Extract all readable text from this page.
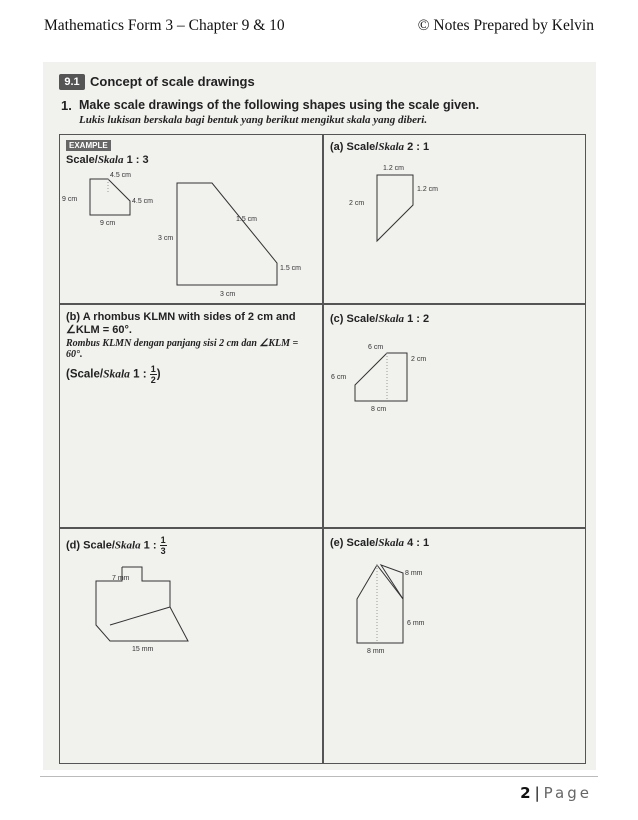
Mathematics Form 3 – Chapter 9 & 10	© Notes Prepared by Kelvin
9.1 Concept of scale drawings
1. Make scale drawings of the following shapes using the scale given.
Lukis lukisan berskala bagi bentuk yang berikut mengikut skala yang diberi.
EXAMPLE
Scale/Skala 1 : 3
4.5 cm
9 cm	4.5 cm
9 cm
3 cm
1.5 cm
1.5 cm
3 cm
(a) Scale/Skala 2 : 1
1.2 cm
1.2 cm
2 cm
(b) A rhombus KLMN with sides of 2 cm and ∠KLM = 60°.
Rombus KLMN dengan panjang sisi 2 cm dan ∠KLM = 60°.
(Scale/Skala 1 : $\frac{1}{2}$ )
(c) Scale/Skala 1 : 2
6 cm
2 cm
6 cm
8 cm
(d) Scale/Skala 1 : $\frac{1}{3}$
7 mm
15 mm
(e) Scale/Skala 4 : 1
8 mm
6 mm
8 mm
2 | Page
